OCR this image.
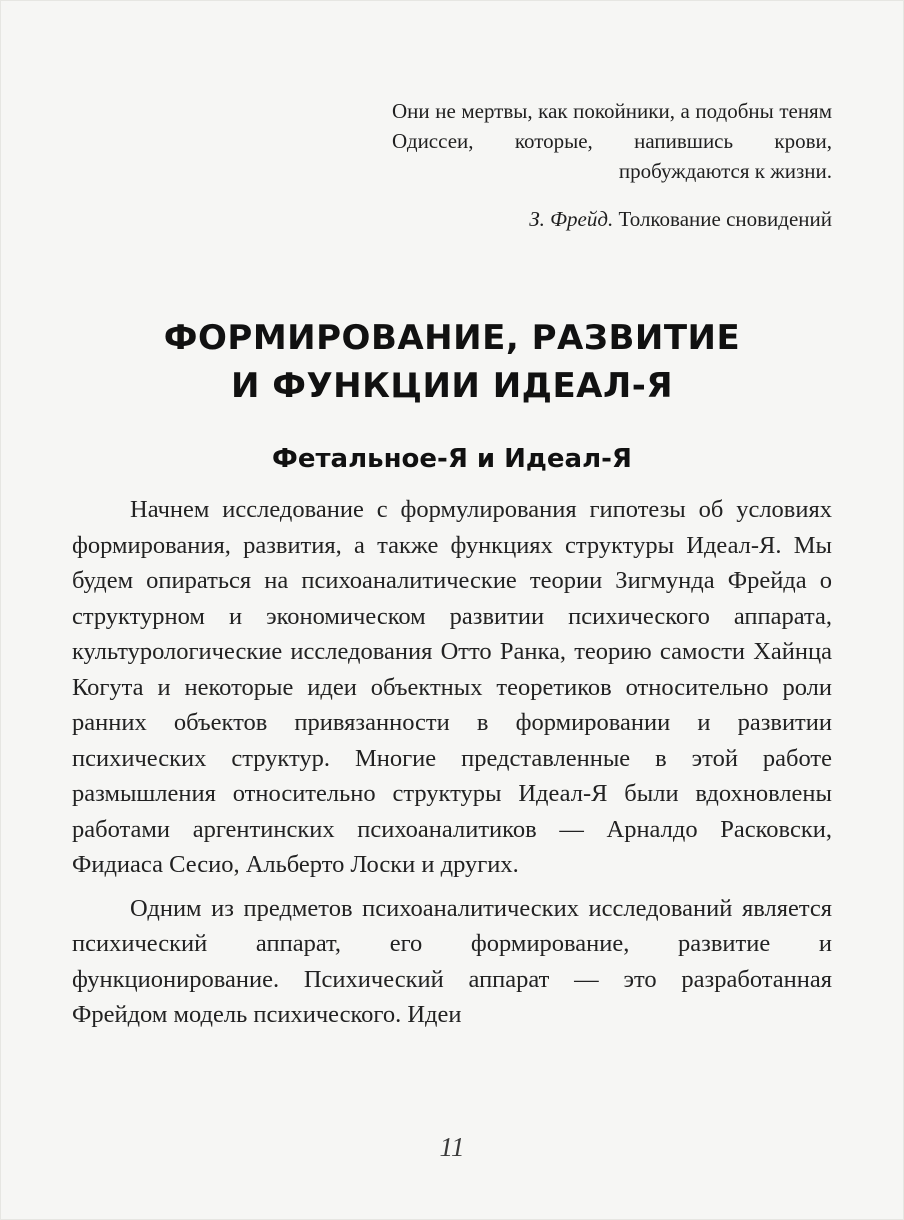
Они не мертвы, как покойники, а подобны теням Одиссеи, которые, напившись крови, пробуждаются к жизни.

З. Фрейд. Толкование сновидений

ФОРМИРОВАНИЕ, РАЗВИТИЕ
И ФУНКЦИИ ИДЕАЛ-Я
Фетальное-Я и Идеал-Я

Начнем исследование с формулирования гипотезы об условиях формирования, развития, а также функциях структуры Идеал-Я. Мы будем опираться на психоаналитические теории Зигмунда Фрейда о структурном и экономическом развитии психического аппарата, культурологические исследования Отто Ранка, теорию самости Хайнца Когута и некоторые идеи объектных теоретиков относительно роли ранних объектов привязанности в формировании и развитии психических структур. Многие представленные в этой работе размышления относительно структуры Идеал-Я были вдохновлены работами аргентинских психоаналитиков — Арналдо Расковски, Фидиаса Сесио, Альберто Лоски и других.

Одним из предметов психоаналитических исследований является психический аппарат, его формирование, развитие и функционирование. Психический аппарат — это разработанная Фрейдом модель психического. Идеи

11
